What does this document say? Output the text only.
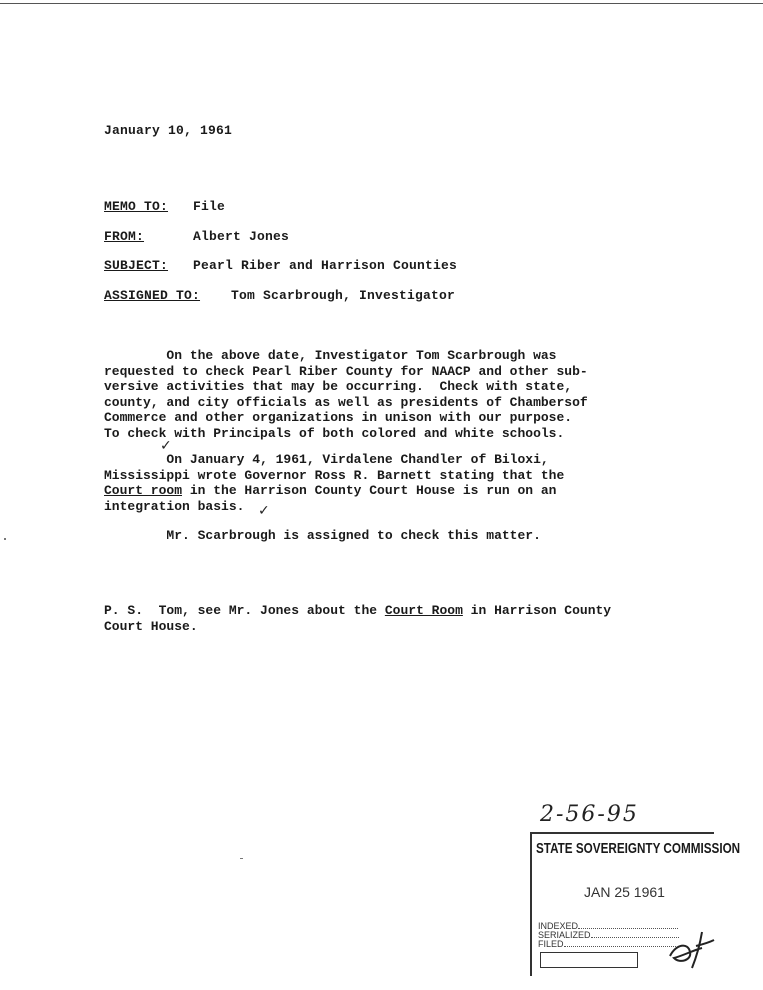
January 10, 1961
MEMO TO: File
FROM:	Albert Jones
SUBJECT: Pearl Riber and Harrison Counties
ASSIGNED TO: Tom Scarbrough, Investigator
On the above date, Investigator Tom Scarbrough was
requested to check Pearl Riber County for NAACP and other sub-
versive activities that may be occurring.  Check with state,
county, and city officials as well as presidents of Chambersof
Commerce and other organizations in unison with our purpose.
To check with Principals of both colored and white schools.
✓
On January 4, 1961, Virdalene Chandler of Biloxi,
Mississippi wrote Governor Ross R. Barnett stating that the
Court room in the Harrison County Court House is run on an
integration basis. ✓
Mr. Scarbrough is assigned to check this matter.
P. S.  Tom, see Mr. Jones about the Court Room in Harrison County
Court House.
2-56-95
STATE SOVEREIGNTY COMMISSION
JAN 25 1961
INDEXED
SERIALIZED
FILED
